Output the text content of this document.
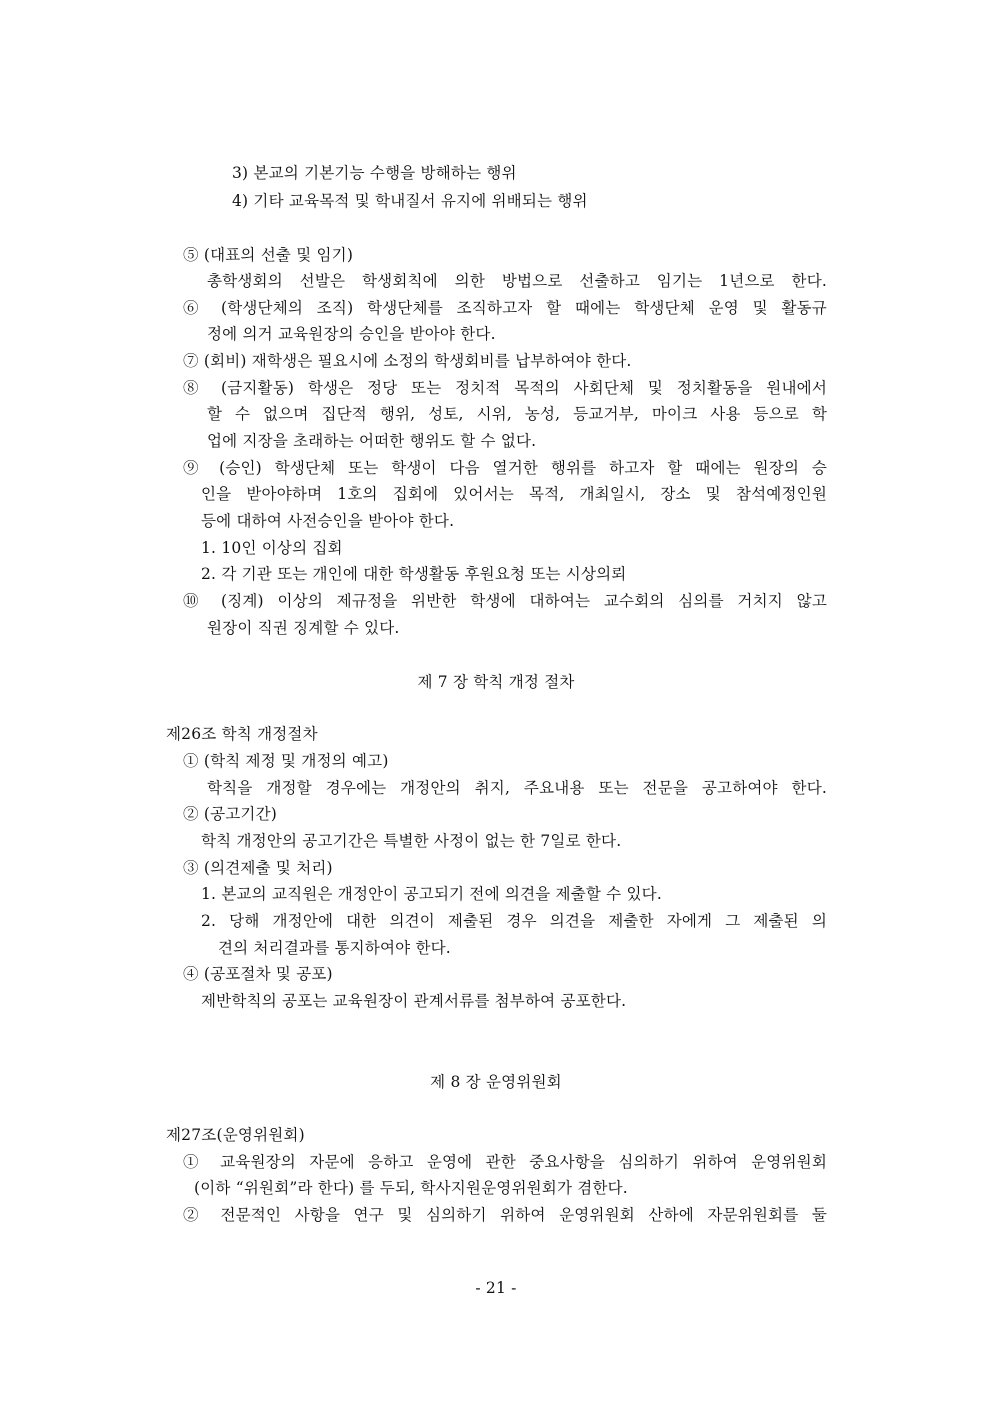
3) 본교의 기본기능 수행을 방해하는 행위
4) 기타 교육목적 및 학내질서 유지에 위배되는 행위
⑤ (대표의 선출 및 임기)
총학생회의 선발은 학생회칙에 의한 방법으로 선출하고 임기는 1년으로 한다.
⑥ (학생단체의 조직) 학생단체를 조직하고자 할 때에는 학생단체 운영 및 활동규
정에 의거 교육원장의 승인을 받아야 한다.
⑦ (회비) 재학생은 필요시에 소정의 학생회비를 납부하여야 한다.
⑧ (금지활동) 학생은 정당 또는 정치적 목적의 사회단체 및 정치활동을 원내에서
할 수 없으며 집단적 행위, 성토, 시위, 농성, 등교거부, 마이크 사용 등으로 학
업에 지장을 초래하는 어떠한 행위도 할 수 없다.
⑨ (승인) 학생단체 또는 학생이 다음 열거한 행위를 하고자 할 때에는 원장의 승
인을 받아야하며 1호의 집회에 있어서는 목적, 개최일시, 장소 및 참석예정인원
등에 대하여 사전승인을 받아야 한다.
1. 10인 이상의 집회
2. 각 기관 또는 개인에 대한 학생활동 후원요청 또는 시상의뢰
⑩ (징계) 이상의 제규정을 위반한 학생에 대하여는 교수회의 심의를 거치지 않고
원장이 직권 징계할 수 있다.
제 7 장 학칙 개정 절차
제26조 학칙 개정절차
① (학칙 제정 및 개정의 예고)
학칙을 개정할 경우에는 개정안의 취지, 주요내용 또는 전문을 공고하여야 한다.
② (공고기간)
학칙 개정안의 공고기간은 특별한 사정이 없는 한 7일로 한다.
③ (의견제출 및 처리)
1. 본교의 교직원은 개정안이 공고되기 전에 의견을 제출할 수 있다.
2. 당해 개정안에 대한 의견이 제출된 경우 의견을 제출한 자에게 그 제출된 의
견의 처리결과를 통지하여야 한다.
④ (공포절차 및 공포)
제반학칙의 공포는 교육원장이 관계서류를 첨부하여 공포한다.
제 8 장 운영위원회
제27조(운영위원회)
① 교육원장의 자문에 응하고 운영에 관한 중요사항을 심의하기 위하여 운영위원회
(이하 “위원회”라 한다) 를 두되, 학사지원운영위원회가 겸한다.
② 전문적인 사항을 연구 및 심의하기 위하여 운영위원회 산하에 자문위원회를 둘
- 21 -
